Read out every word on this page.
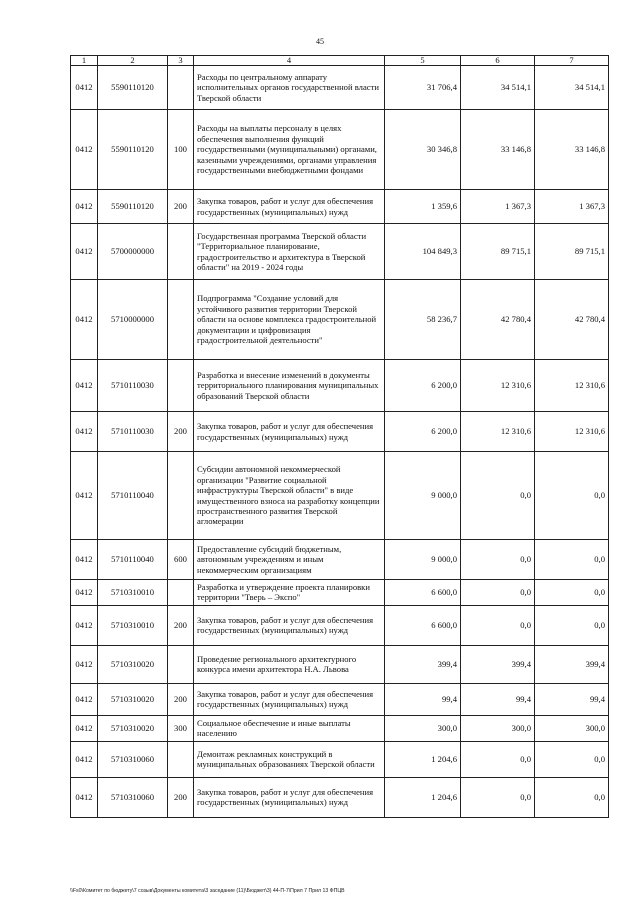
45
1	2	3	4	5	6	7
0412	5590110120		Расходы по центральному аппарату исполнительных органов государственной власти Тверской области	31 706,4	34 514,1	34 514,1
0412	5590110120	100	Расходы на выплаты персоналу в целях обеспечения выполнения функций государственными (муниципальными) органами, казенными учреждениями, органами управления государственными внебюджетными фондами	30 346,8	33 146,8	33 146,8
0412	5590110120	200	Закупка товаров, работ и услуг для обеспечения государственных (муниципальных) нужд	1 359,6	1 367,3	1 367,3
0412	5700000000		Государственная программа Тверской области "Территориальное планирование, градостроительство и архитектура в Тверской области" на 2019 - 2024 годы	104 849,3	89 715,1	89 715,1
0412	5710000000		Подпрограмма "Создание условий для устойчивого развития территории Тверской области на основе комплекса градостроительной документации и цифровизация градостроительной деятельности"	58 236,7	42 780,4	42 780,4
0412	5710110030		Разработка и внесение изменений в документы территориального планирования муниципальных образований Тверской области	6 200,0	12 310,6	12 310,6
0412	5710110030	200	Закупка товаров, работ и услуг для обеспечения государственных (муниципальных) нужд	6 200,0	12 310,6	12 310,6
0412	5710110040		Субсидии автономной некоммерческой организации "Развитие социальной инфраструктуры Тверской области" в виде имущественного взноса на разработку концепции пространственного развития Тверской агломерации	9 000,0	0,0	0,0
0412	5710110040	600	Предоставление субсидий бюджетным, автономным учреждениям и иным некоммерческим организациям	9 000,0	0,0	0,0
0412	5710310010		Разработка и утверждение проекта планировки территории "Тверь – Экспо"	6 600,0	0,0	0,0
0412	5710310010	200	Закупка товаров, работ и услуг для обеспечения государственных (муниципальных) нужд	6 600,0	0,0	0,0
0412	5710310020		Проведение регионального архитектурного конкурса имени архитектора Н.А. Львова	399,4	399,4	399,4
0412	5710310020	200	Закупка товаров, работ и услуг для обеспечения государственных (муниципальных) нужд	99,4	99,4	99,4
0412	5710310020	300	Социальное обеспечение и иные выплаты населению	300,0	300,0	300,0
0412	5710310060		Демонтаж рекламных конструкций в муниципальных образованиях Тверской области	1 204,6	0,0	0,0
0412	5710310060	200	Закупка товаров, работ и услуг для обеспечения государственных (муниципальных) нужд	1 204,6	0,0	0,0
\\Fs0\Комитет по бюджету\7 созыв\Документы комитета\3 заседание (11)\Бюджет\3) 44-П-7\Прил 7 Прил 13 ФПЦВ
